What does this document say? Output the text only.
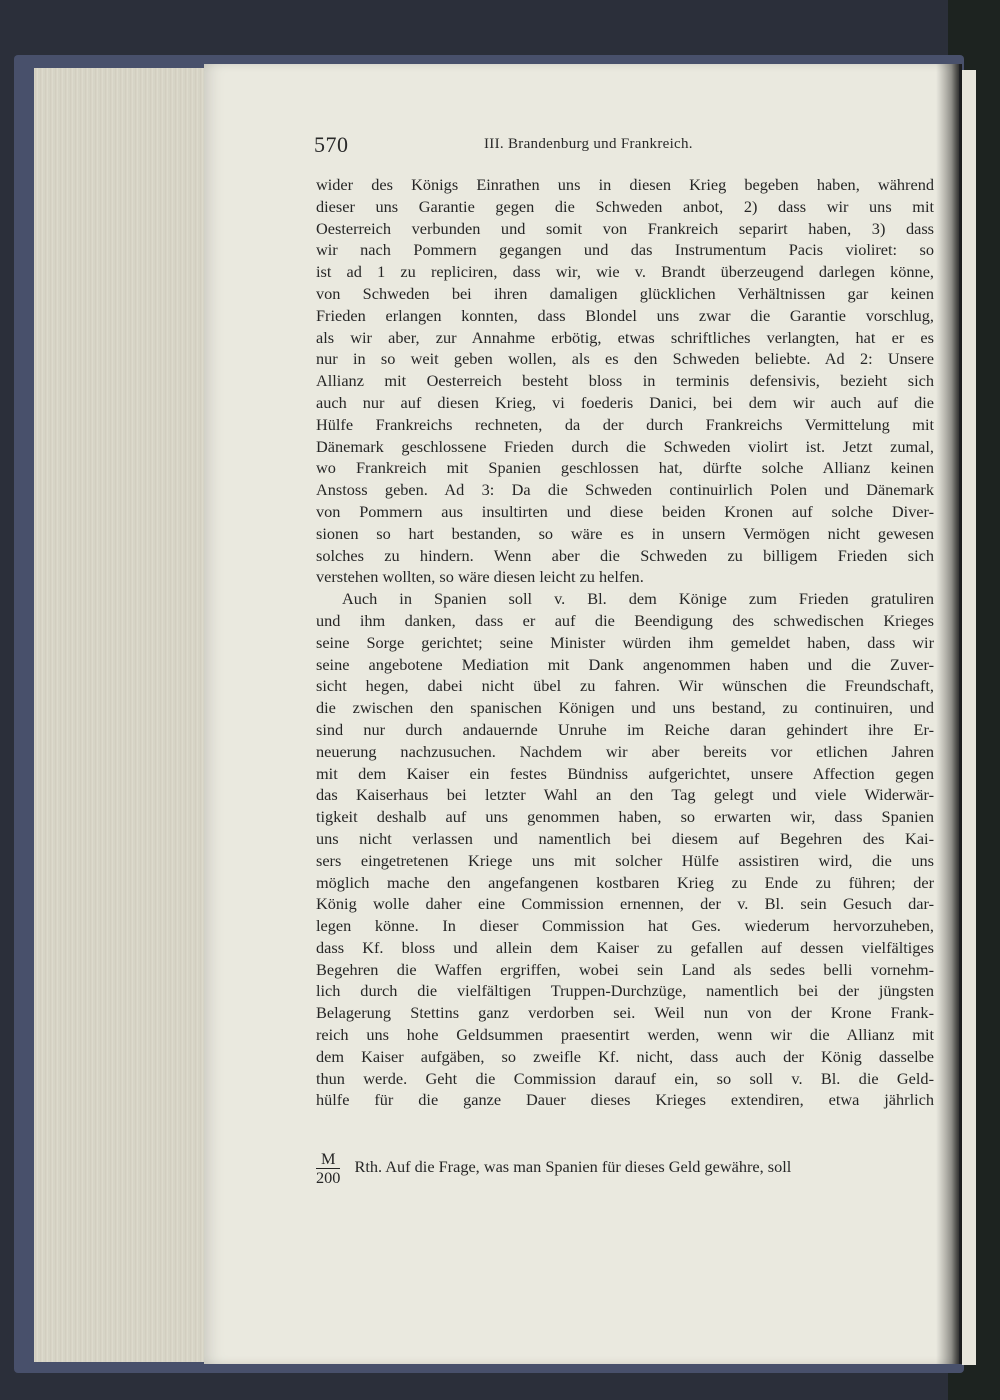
570	III. Brandenburg und Frankreich.
wider des Königs Einrathen uns in diesen Krieg begeben haben, während
dieser uns Garantie gegen die Schweden anbot, 2) dass wir uns mit
Oesterreich verbunden und somit von Frankreich separirt haben, 3) dass
wir nach Pommern gegangen und das Instrumentum Pacis violiret: so
ist ad 1 zu repliciren, dass wir, wie v. Brandt überzeugend darlegen könne,
von Schweden bei ihren damaligen glücklichen Verhältnissen gar keinen
Frieden erlangen konnten, dass Blondel uns zwar die Garantie vorschlug,
als wir aber, zur Annahme erbötig, etwas schriftliches verlangten, hat er es
nur in so weit geben wollen, als es den Schweden beliebte. Ad 2: Unsere
Allianz mit Oesterreich besteht bloss in terminis defensivis, bezieht sich
auch nur auf diesen Krieg, vi foederis Danici, bei dem wir auch auf die
Hülfe Frankreichs rechneten, da der durch Frankreichs Vermittelung mit
Dänemark geschlossene Frieden durch die Schweden violirt ist. Jetzt zumal,
wo Frankreich mit Spanien geschlossen hat, dürfte solche Allianz keinen
Anstoss geben. Ad 3: Da die Schweden continuirlich Polen und Dänemark
von Pommern aus insultirten und diese beiden Kronen auf solche Diver-
sionen so hart bestanden, so wäre es in unsern Vermögen nicht gewesen
solches zu hindern. Wenn aber die Schweden zu billigem Frieden sich
verstehen wollten, so wäre diesen leicht zu helfen.
Auch in Spanien soll v. Bl. dem Könige zum Frieden gratuliren
und ihm danken, dass er auf die Beendigung des schwedischen Krieges
seine Sorge gerichtet; seine Minister würden ihm gemeldet haben, dass wir
seine angebotene Mediation mit Dank angenommen haben und die Zuver-
sicht hegen, dabei nicht übel zu fahren. Wir wünschen die Freundschaft,
die zwischen den spanischen Königen und uns bestand, zu continuiren, und
sind nur durch andauernde Unruhe im Reiche daran gehindert ihre Er-
neuerung nachzusuchen. Nachdem wir aber bereits vor etlichen Jahren
mit dem Kaiser ein festes Bündniss aufgerichtet, unsere Affection gegen
das Kaiserhaus bei letzter Wahl an den Tag gelegt und viele Widerwär-
tigkeit deshalb auf uns genommen haben, so erwarten wir, dass Spanien
uns nicht verlassen und namentlich bei diesem auf Begehren des Kai-
sers eingetretenen Kriege uns mit solcher Hülfe assistiren wird, die uns
möglich mache den angefangenen kostbaren Krieg zu Ende zu führen; der
König wolle daher eine Commission ernennen, der v. Bl. sein Gesuch dar-
legen könne. In dieser Commission hat Ges. wiederum hervorzuheben,
dass Kf. bloss und allein dem Kaiser zu gefallen auf dessen vielfältiges
Begehren die Waffen ergriffen, wobei sein Land als sedes belli vornehm-
lich durch die vielfältigen Truppen-Durchzüge, namentlich bei der jüngsten
Belagerung Stettins ganz verdorben sei. Weil nun von der Krone Frank-
reich uns hohe Geldsummen praesentirt werden, wenn wir die Allianz mit
dem Kaiser aufgäben, so zweifle Kf. nicht, dass auch der König dasselbe
thun werde. Geht die Commission darauf ein, so soll v. Bl. die Geld-
hülfe für die ganze Dauer dieses Krieges extendiren, etwa jährlich
$\frac{M}{200}$ Rth. Auf die Frage, was man Spanien für dieses Geld gewähre, soll
